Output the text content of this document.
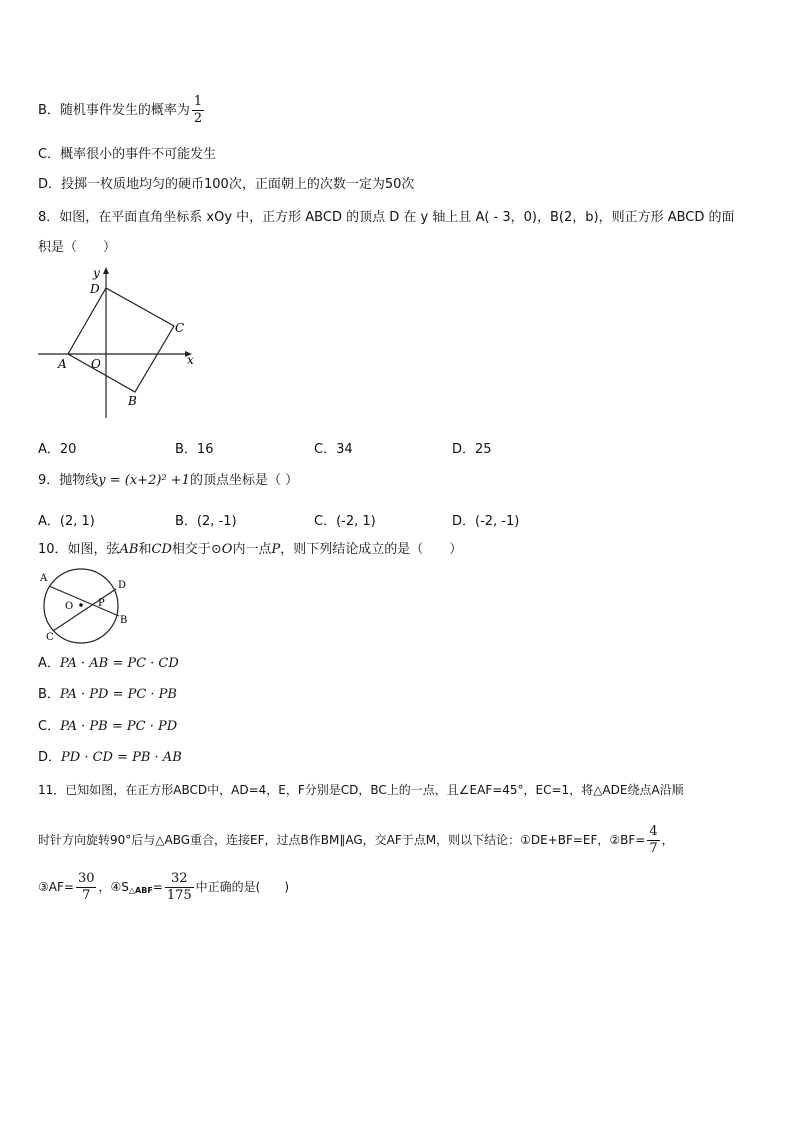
B．随机事件发生的概率为 $\frac{1}{2}$
C．概率很小的事件不可能发生
D．投掷一枚质地均匀的硬币100次，正面朝上的次数一定为50次
8．如图，在平面直角坐标系 xOy 中，正方形 ABCD 的顶点 D 在 y 轴上且 A( - 3，0)，B(2，b)，则正方形 ABCD 的面
积是（　　）
y
D
C
x
A O
B
A．20	B．16	C．34	D．25
9．抛物线y = (x+2)² +1的顶点坐标是（ ）
A．(2, 1)	B．(2, -1)	C．(-2, 1)	D．(-2, -1)
10．如图，弦AB和CD相交于⊙O内一点P，则下列结论成立的是（　　）
A
D
O P
B
C
A．PA · AB = PC · CD
B．PA · PD = PC · PB
C．PA · PB = PC · PD
D．PD · CD = PB · AB
11．已知如图，在正方形ABCD中，AD=4，E，F分别是CD，BC上的一点，且∠EAF=45°，EC=1，将△ADE绕点A沿顺
时针方向旋转90°后与△ABG重合，连接EF，过点B作BM∥AG，交AF于点M，则以下结论：①DE+BF=EF，②BF= $\frac{4}{7}$ ，
③AF= $\frac{30}{7}$ ，$④S_{\triangle ABF}= \frac{32}{175}$ 中正确的是(　　)
